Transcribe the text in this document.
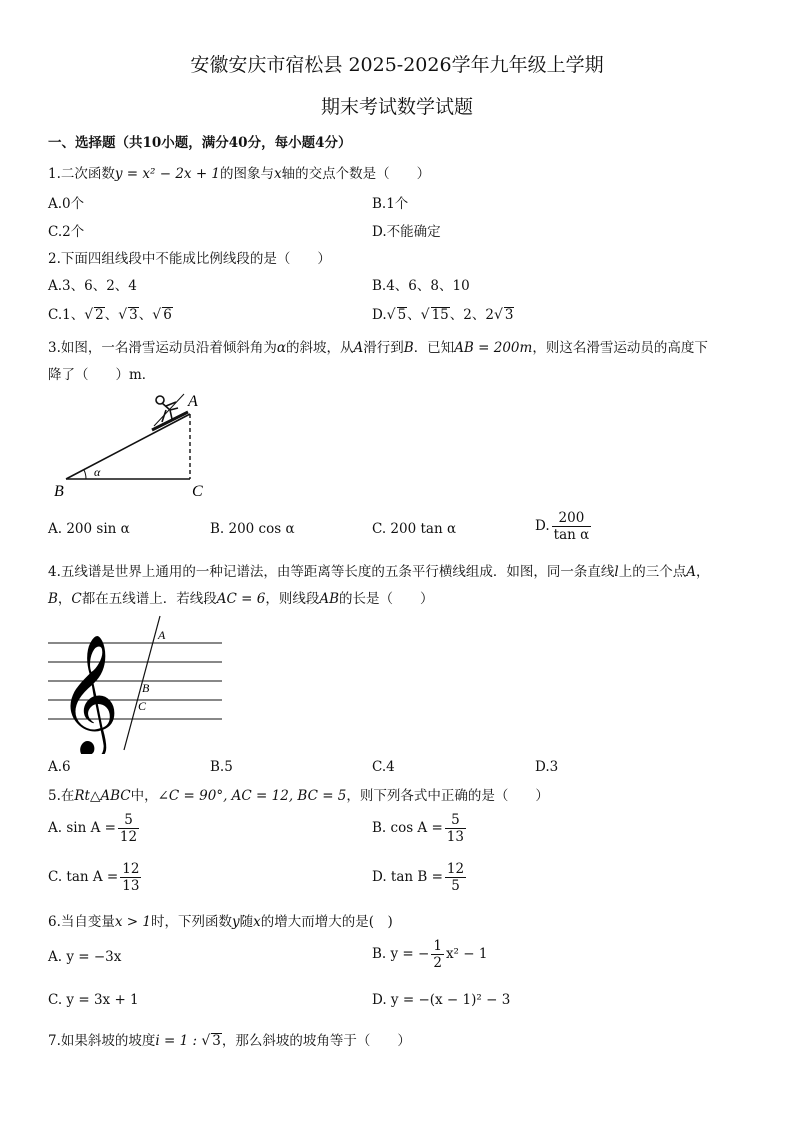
安徽安庆市宿松县 2025-2026学年九年级上学期
期末考试数学试题
一、选择题（共10小题，满分40分，每小题4分）
1.二次函数y = x² − 2x + 1的图象与x轴的交点个数是（　　）
A.0个	B.1个
C.2个	D.不能确定
2.下面四组线段中不能成比例线段的是（　　）
A.3、6、2、4	B.4、6、8、10
C.1、√ 2、√ 3、√ 6	D.√ 5、√ 15、2、2√ 3
3.如图，一名滑雪运动员沿着倾斜角为α的斜坡，从A滑行到B．已知AB = 200m，则这名滑雪运动员的高度下
降了（　　）m．
A
B	C
α
A. 200 sin α	B. 200 cos α	C. 200 tan α	D. $\frac{200}{\text{tan α}}$
4.五线谱是世界上通用的一种记谱法，由等距离等长度的五条平行横线组成．如图，同一条直线l上的三个点A，
B，C都在五线谱上．若线段AC = 6，则线段AB的长是（　　）
𝄞
A
B
C
A.6	B.5	C.4	D.3
5.在Rt△ABC中，∠C = 90°, AC = 12, BC = 5，则下列各式中正确的是（　　）
A. $\sin A = \frac{5}{12}$	B. $\cos A = \frac{5}{13}$
C. $\tan A = \frac{12}{13}$	D. $\tan B = \frac{12}{5}$
6.当自变量x > 1时，下列函数y随x的增大而增大的是(　)
A. y = −3x	B. y = − $\frac{1}{2} x^2 - 1$
C. y = 3x + 1	D. y = −(x − 1)² − 3
7.如果斜坡的坡度i = 1 : √ 3，那么斜坡的坡角等于（　　）
